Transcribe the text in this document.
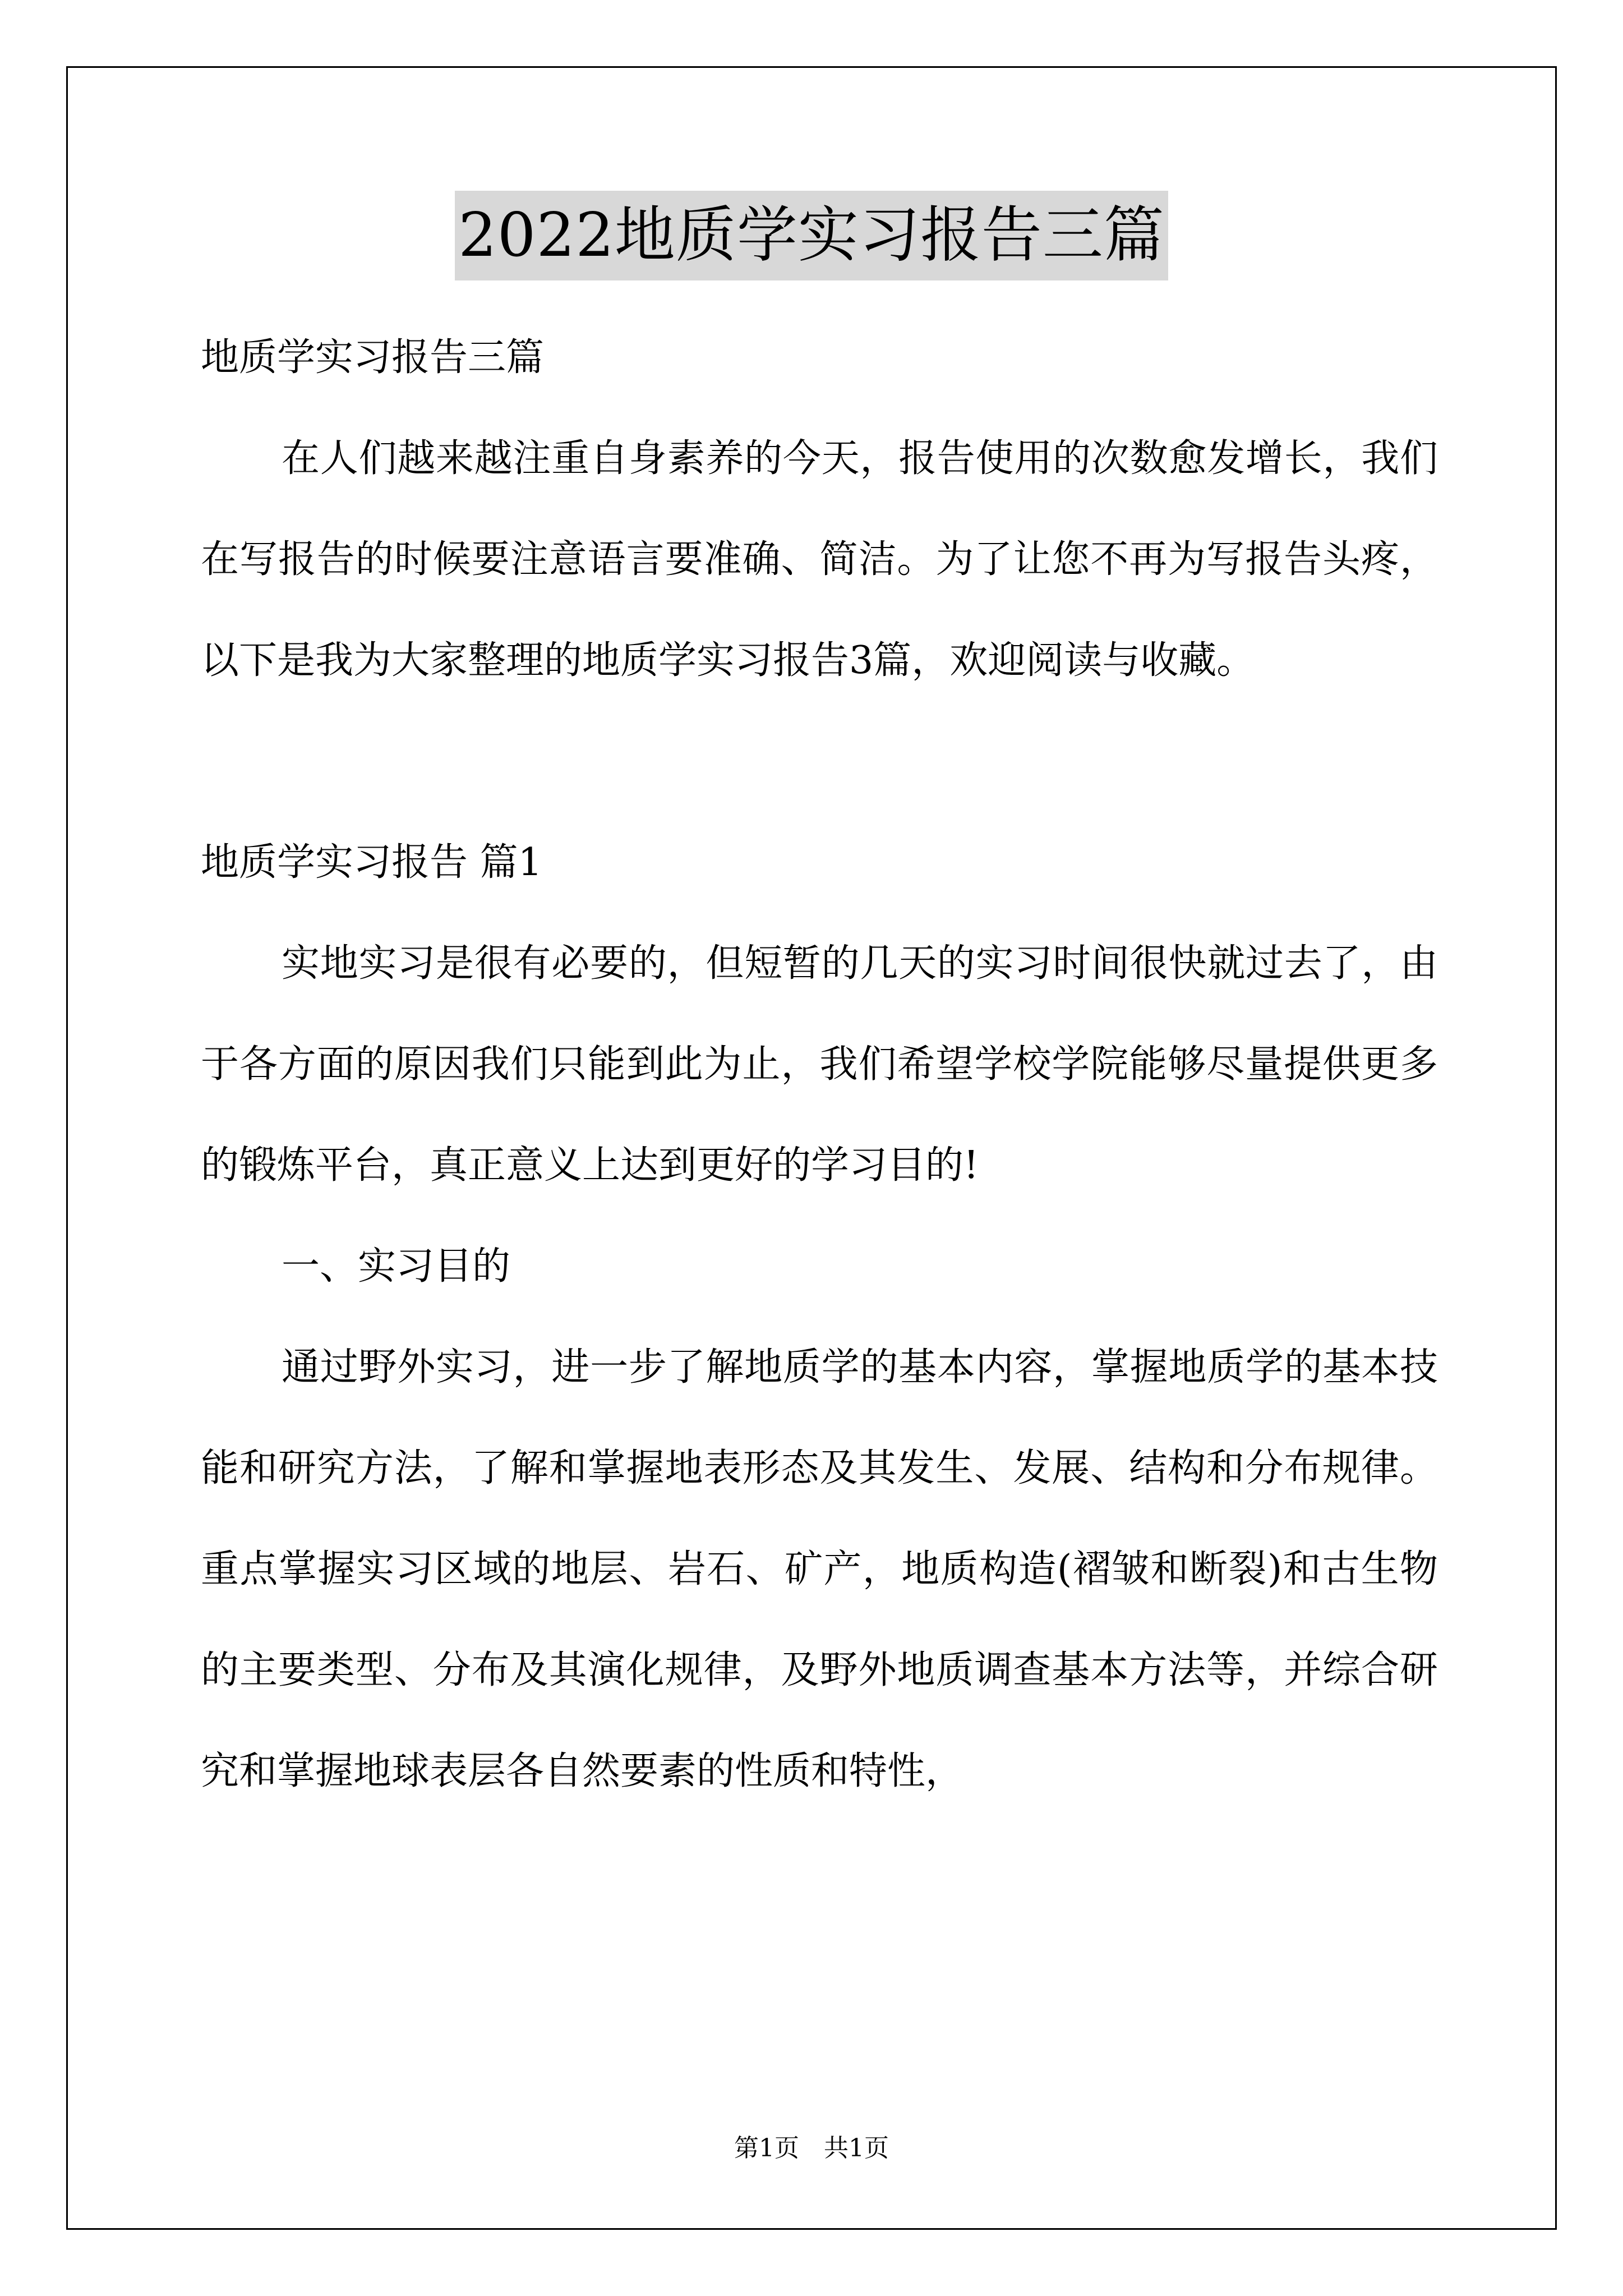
2022地质学实习报告三篇

地质学实习报告三篇

在人们越来越注重自身素养的今天，报告使用的次数愈发增长，我们在写报告的时候要注意语言要准确、简洁。为了让您不再为写报告头疼，以下是我为大家整理的地质学实习报告3篇，欢迎阅读与收藏。

地质学实习报告 篇1

实地实习是很有必要的，但短暂的几天的实习时间很快就过去了，由于各方面的原因我们只能到此为止，我们希望学校学院能够尽量提供更多的锻炼平台，真正意义上达到更好的学习目的!

一、实习目的

通过野外实习，进一步了解地质学的基本内容，掌握地质学的基本技能和研究方法，了解和掌握地表形态及其发生、发展、结构和分布规律。重点掌握实习区域的地层、岩石、矿产，地质构造(褶皱和断裂)和古生物的主要类型、分布及其演化规律，及野外地质调查基本方法等，并综合研究和掌握地球表层各自然要素的性质和特性，

第1页　共1页
